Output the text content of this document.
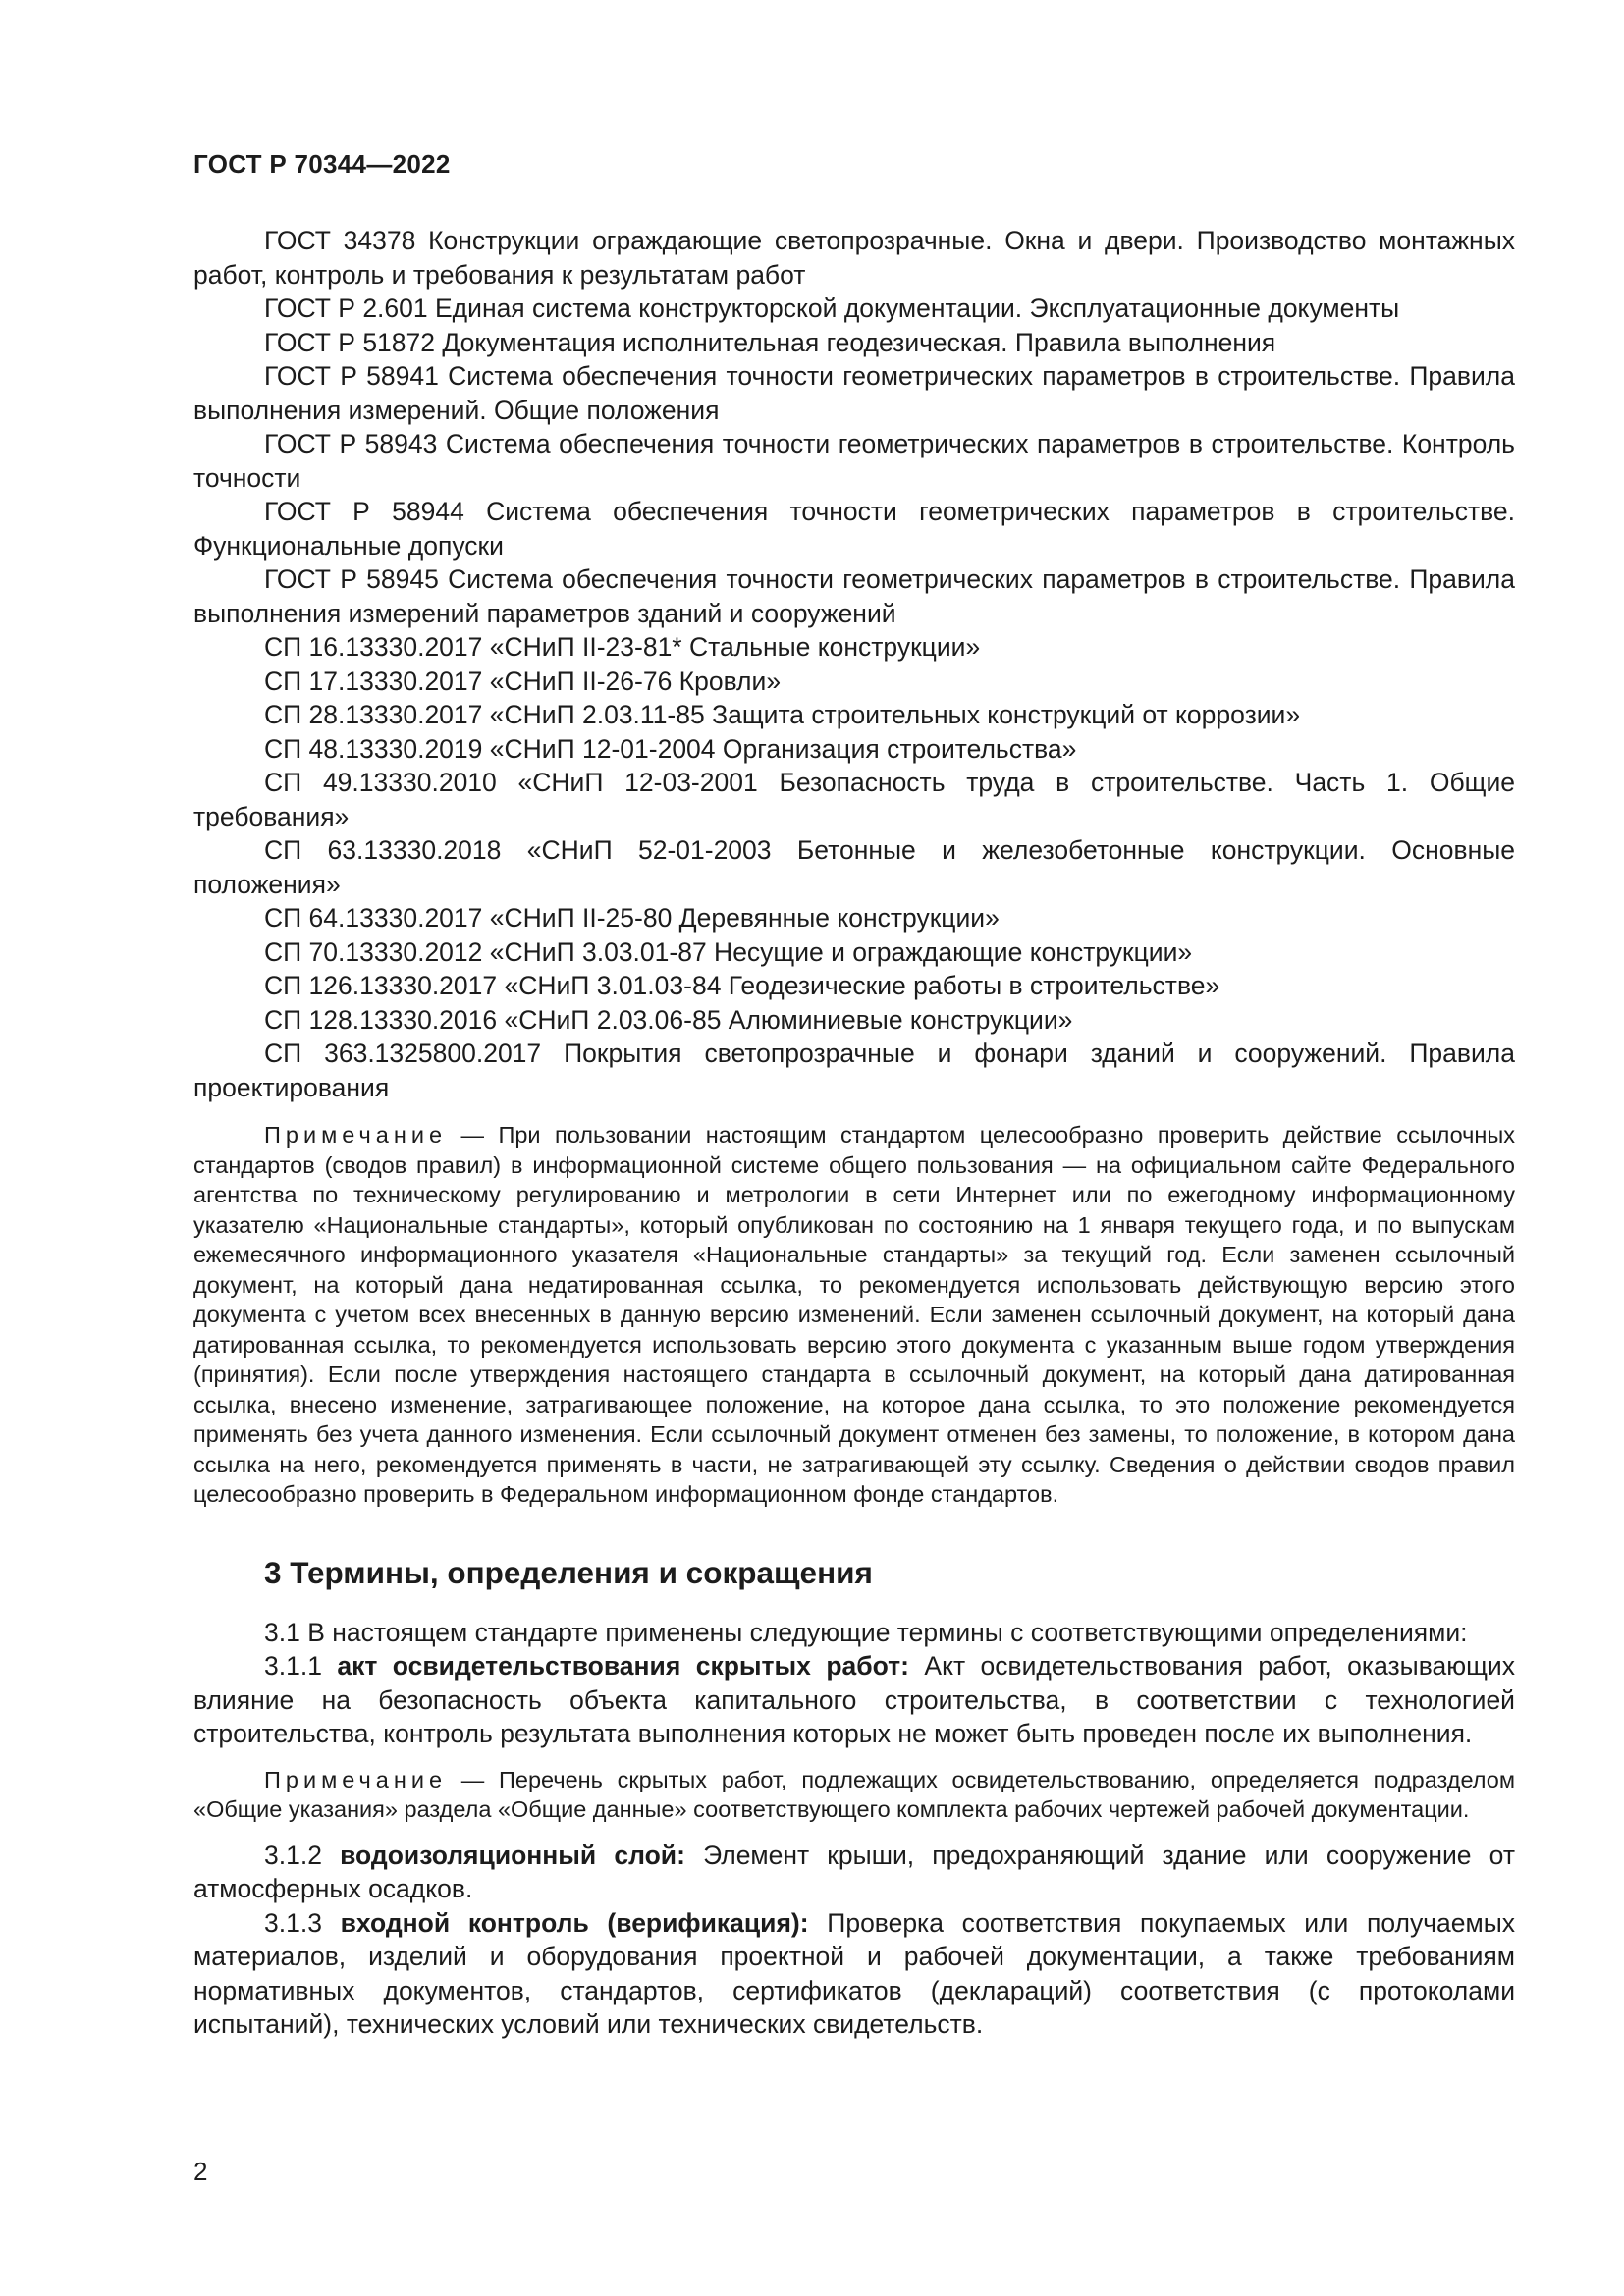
ГОСТ Р 70344—2022

ГОСТ 34378 Конструкции ограждающие светопрозрачные. Окна и двери. Производство монтажных работ, контроль и требования к результатам работ

ГОСТ Р 2.601 Единая система конструкторской документации. Эксплуатационные документы

ГОСТ Р 51872 Документация исполнительная геодезическая. Правила выполнения

ГОСТ Р 58941 Система обеспечения точности геометрических параметров в строительстве. Правила выполнения измерений. Общие положения

ГОСТ Р 58943 Система обеспечения точности геометрических параметров в строительстве. Контроль точности

ГОСТ Р 58944 Система обеспечения точности геометрических параметров в строительстве. Функциональные допуски

ГОСТ Р 58945 Система обеспечения точности геометрических параметров в строительстве. Правила выполнения измерений параметров зданий и сооружений

СП 16.13330.2017 «СНиП II-23-81* Стальные конструкции»

СП 17.13330.2017 «СНиП II-26-76 Кровли»

СП 28.13330.2017 «СНиП 2.03.11-85 Защита строительных конструкций от коррозии»

СП 48.13330.2019 «СНиП 12-01-2004 Организация строительства»

СП 49.13330.2010 «СНиП 12-03-2001 Безопасность труда в строительстве. Часть 1. Общие требования»

СП 63.13330.2018 «СНиП 52-01-2003 Бетонные и железобетонные конструкции. Основные положения»

СП 64.13330.2017 «СНиП II-25-80 Деревянные конструкции»

СП 70.13330.2012 «СНиП 3.03.01-87 Несущие и ограждающие конструкции»

СП 126.13330.2017 «СНиП 3.01.03-84 Геодезические работы в строительстве»

СП 128.13330.2016 «СНиП 2.03.06-85 Алюминиевые конструкции»

СП 363.1325800.2017 Покрытия светопрозрачные и фонари зданий и сооружений. Правила проектирования

Примечание — При пользовании настоящим стандартом целесообразно проверить действие ссылочных стандартов (сводов правил) в информационной системе общего пользования — на официальном сайте Федерального агентства по техническому регулированию и метрологии в сети Интернет или по ежегодному информационному указателю «Национальные стандарты», который опубликован по состоянию на 1 января текущего года, и по выпускам ежемесячного информационного указателя «Национальные стандарты» за текущий год. Если заменен ссылочный документ, на который дана недатированная ссылка, то рекомендуется использовать действующую версию этого документа с учетом всех внесенных в данную версию изменений. Если заменен ссылочный документ, на который дана датированная ссылка, то рекомендуется использовать версию этого документа с указанным выше годом утверждения (принятия). Если после утверждения настоящего стандарта в ссылочный документ, на который дана датированная ссылка, внесено изменение, затрагивающее положение, на которое дана ссылка, то это положение рекомендуется применять без учета данного изменения. Если ссылочный документ отменен без замены, то положение, в котором дана ссылка на него, рекомендуется применять в части, не затрагивающей эту ссылку. Сведения о действии сводов правил целесообразно проверить в Федеральном информационном фонде стандартов.

3 Термины, определения и сокращения

3.1 В настоящем стандарте применены следующие термины с соответствующими определениями:

3.1.1 акт освидетельствования скрытых работ: Акт освидетельствования работ, оказывающих влияние на безопасность объекта капитального строительства, в соответствии с технологией строительства, контроль результата выполнения которых не может быть проведен после их выполнения.

Примечание — Перечень скрытых работ, подлежащих освидетельствованию, определяется подразделом «Общие указания» раздела «Общие данные» соответствующего комплекта рабочих чертежей рабочей документации.

3.1.2 водоизоляционный слой: Элемент крыши, предохраняющий здание или сооружение от атмосферных осадков.

3.1.3 входной контроль (верификация): Проверка соответствия покупаемых или получаемых материалов, изделий и оборудования проектной и рабочей документации, а также требованиям нормативных документов, стандартов, сертификатов (деклараций) соответствия (с протоколами испытаний), технических условий или технических свидетельств.

2
